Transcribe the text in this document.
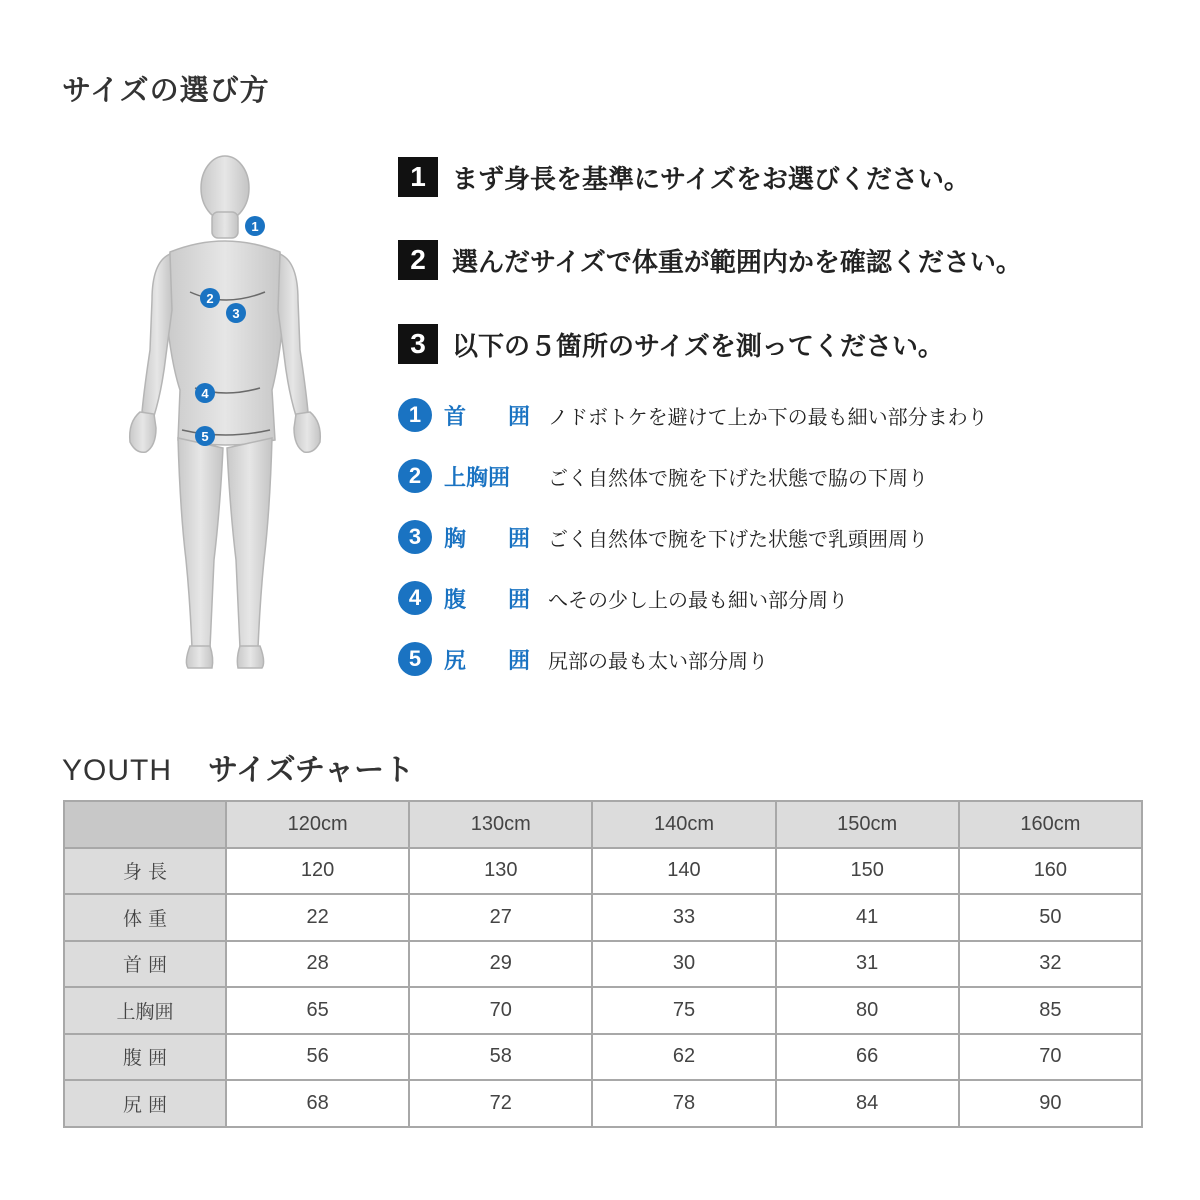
サイズの選び方
1
2
3
4
5
1	まず身長を基準にサイズをお選びください。
2	選んだサイズで体重が範囲内かを確認ください。
3	以下の５箇所のサイズを測ってください。
1	首 囲 ノドボトケを避けて上か下の最も細い部分まわり
2	上胸囲 ごく自然体で腕を下げた状態で脇の下周り
3	胸 囲 ごく自然体で腕を下げた状態で乳頭囲周り
4	腹 囲 へその少し上の最も細い部分周り
5	尻 囲 尻部の最も太い部分周り
YOUTH サイズチャート
	120cm	130cm	140cm	150cm	160cm
身 長	120	130	140	150	160
体 重	22	27	33	41	50
首 囲	28	29	30	31	32
上胸囲	65	70	75	80	85
腹 囲	56	58	62	66	70
尻 囲	68	72	78	84	90
